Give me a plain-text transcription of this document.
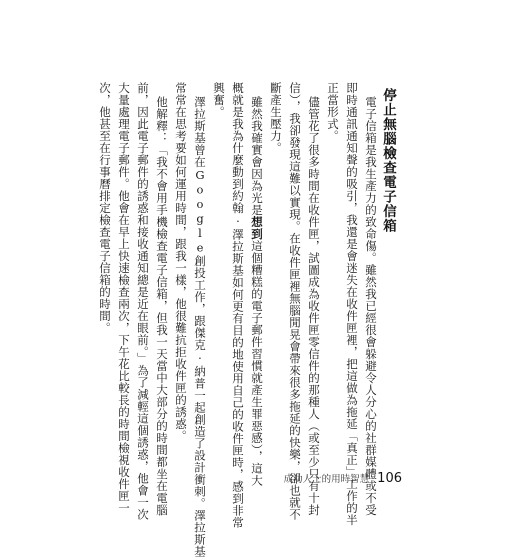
停止無腦檢查電子信箱
電子信箱是我生產力的致命傷。雖然我已經很會躲避令人分心的社群媒體或不受
即時通訊通知聲的吸引，我還是會迷失在收件匣裡，把這做為拖延「真正」工作的半
正當形式。
儘管花了很多時間在收件匣，試圖成為收件匣零信件的那種人（或至少只有十封
信），我卻發現這難以實現。在收件匣裡無腦閒晃會帶來很多拖延的快樂，卻也就不
斷產生壓力。
雖然我確實會因為光是想到這個糟糕的電子郵件習慣就產生罪惡感），這大
概就是我為什麼動到約翰·澤拉斯基如何更有目的地使用自己的收件匣時，感到非常
興奮。
澤拉斯基曾在Google創投工作，跟傑克·納普一起創造了設計衝刺。澤拉斯基
常常在思考要如何運用時間，跟我一樣，他很難抗拒收件匣的誘惑。
他解釋：「我不會用手機檢查電子信箱，但我一天當中大部分的時間都坐在電腦
前，因此電子郵件的誘惑和接收通知總是近在眼前。」為了減輕這個誘惑，他會一次
大量處理電子郵件。他會在早上快速檢查兩次，下午花比較長的時間檢視收件匣一
次，他甚至在行事曆排定檢查電子信箱的時間。
成功人士的用時智慧 106
